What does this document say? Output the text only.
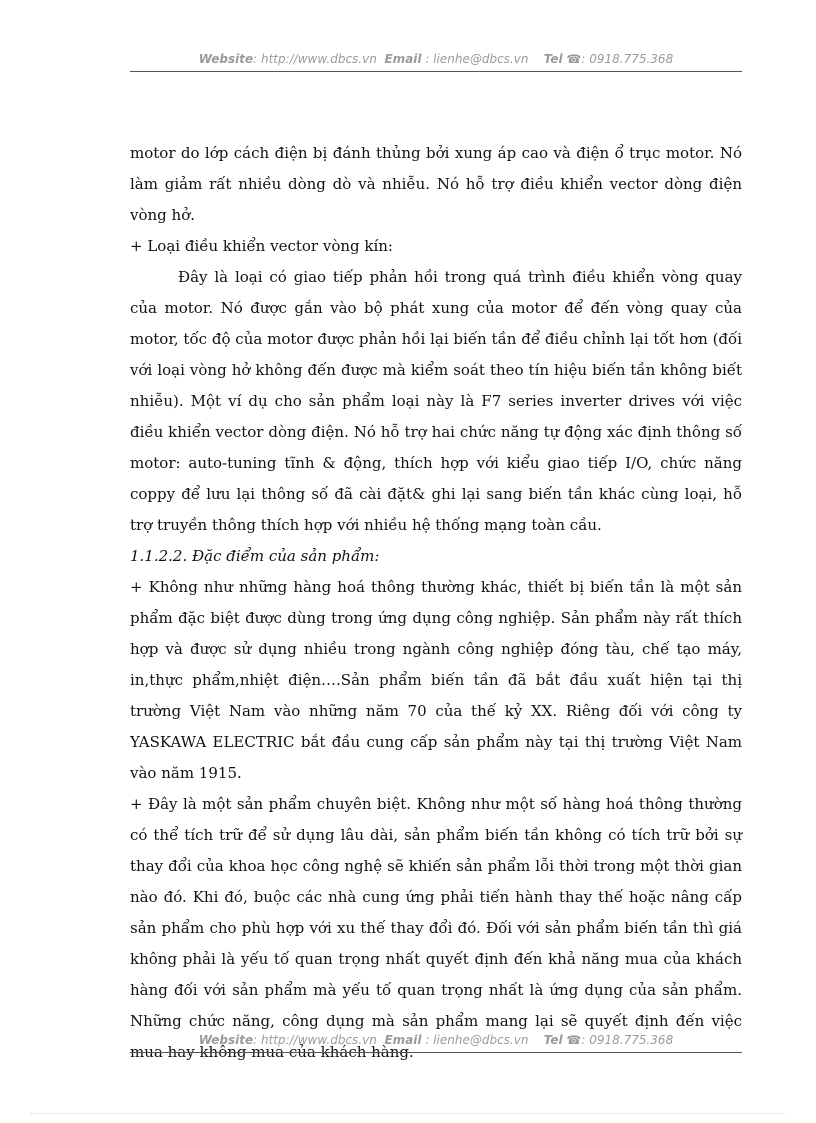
Website: http://www.dbcs.vn Email : lienhe@dbcs.vn Tel ☎: 0918.775.368

motor do lớp cách điện bị đánh thủng bởi xung áp cao và điện ổ trục motor. Nó làm giảm rất nhiều dòng dò và nhiễu. Nó hỗ trợ điều khiển vector dòng điện vòng hở.

+ Loại điều khiển vector vòng kín:

Đây là loại có giao tiếp phản hồi trong quá trình điều khiển vòng quay của motor. Nó được gắn vào bộ phát xung của motor để đến vòng quay của motor, tốc độ của motor được phản hồi lại biến tần để điều chỉnh lại tốt hơn (đối với loại vòng hở không đến được mà kiểm soát theo tín hiệu biến tần không biết nhiễu). Một ví dụ cho sản phẩm loại này là F7 series inverter drives với việc điều khiển vector dòng điện. Nó hỗ trợ hai chức năng tự động xác định thông số motor: auto-tuning tĩnh & động, thích hợp với kiểu giao tiếp I/O, chức năng coppy để lưu lại thông số đã cài đặt& ghi lại sang biến tần khác cùng loại, hỗ trợ truyền thông thích hợp với nhiều hệ thống mạng toàn cầu.

1.1.2.2. Đặc điểm của sản phẩm:

+ Không như những hàng hoá thông thường khác, thiết bị biến tần là một sản phẩm đặc biệt được dùng trong ứng dụng công nghiệp. Sản phẩm này rất thích hợp và được sử dụng nhiều trong ngành công nghiệp đóng tàu, chế tạo máy, in,thực phẩm,nhiệt điện….Sản phẩm biến tần đã bắt đầu xuất hiện tại thị trường Việt Nam vào những năm 70 của thế kỷ XX. Riêng đối với công ty YASKAWA ELECTRIC bắt đầu cung cấp sản phẩm này tại thị trường Việt Nam vào năm 1915.

+ Đây là một sản phẩm chuyên biệt. Không như một số hàng hoá thông thường có thể tích trữ để sử dụng lâu dài, sản phẩm biến tần không có tích trữ bởi sự thay đổi của khoa học công nghệ sẽ khiến sản phẩm lỗi thời trong một thời gian nào đó. Khi đó, buộc các nhà cung ứng phải tiến hành thay thế hoặc nâng cấp sản phẩm cho phù hợp với xu thế thay đổi đó. Đối với sản phẩm biến tần thì giá không phải là yếu tố quan trọng nhất quyết định đến khả năng mua của khách hàng đối với sản phẩm mà yếu tố quan trọng nhất là ứng dụng của sản phẩm. Những chức năng, công dụng mà sản phẩm mang lại sẽ quyết định đến việc mua hay không mua của khách hàng.

Website: http://www.dbcs.vn Email : lienhe@dbcs.vn Tel ☎: 0918.775.368
